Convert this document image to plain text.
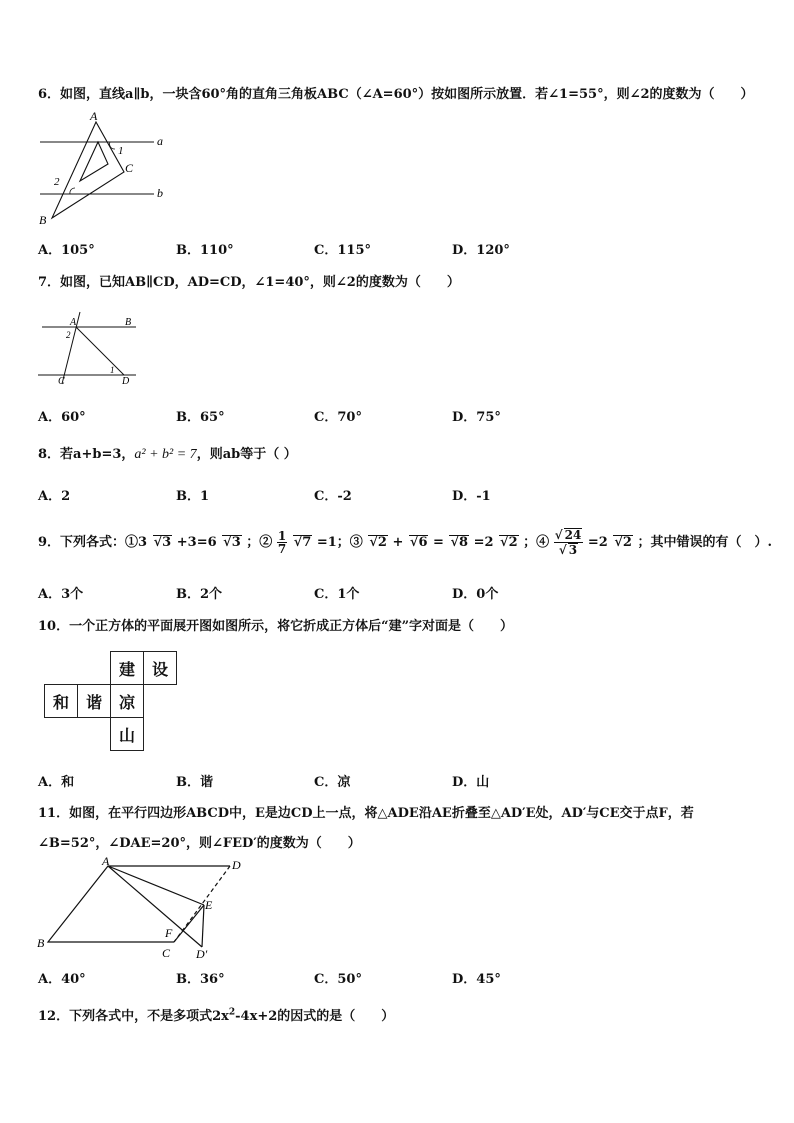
6．如图，直线a∥b，一块含60°角的直角三角板ABC（∠A=60°）按如图所示放置．若∠1=55°，则∠2的度数为（　　）
A
B
C
a
b
1
2
A．105°	B．110°	C．115°	D．120°
7．如图，已知AB∥CD，AD=CD，∠1=40°，则∠2的度数为（　　）
A	B
C	D
1
2
A．60°	B．65°	C．70°	D．75°
8．若a+b=3，a² + b² = 7，则ab等于（ ）
A．2	B．1	C．-2	D．-1
9．下列各式：①3 √3 +3=6 √3 ；② $\frac{1}{7} √7 =1$；③ √2 + √6 = √8 =2 √2 ；④ $\frac{√ 24}{√ 3} =2$ √2 ；其中错误的有（　）.
A．3个	B．2个	C．1个	D．0个
10．一个正方体的平面展开图如图所示，将它折成正方体后“建”字对面是（　　）
建	设
和	谐	凉
山
A．和	B．谐	C．凉	D．山
11．如图，在平行四边形ABCD中，E是边CD上一点，将△ADE沿AE折叠至△AD′E处，AD′与CE交于点F，若
∠B=52°，∠DAE=20°，则∠FED′的度数为（　　）
A
B
C
D
E
F
D′
A．40°	B．36°	C．50°	D．45°
12．下列各式中，不是多项式$2x^2-4x+2$的因式的是（　　）
